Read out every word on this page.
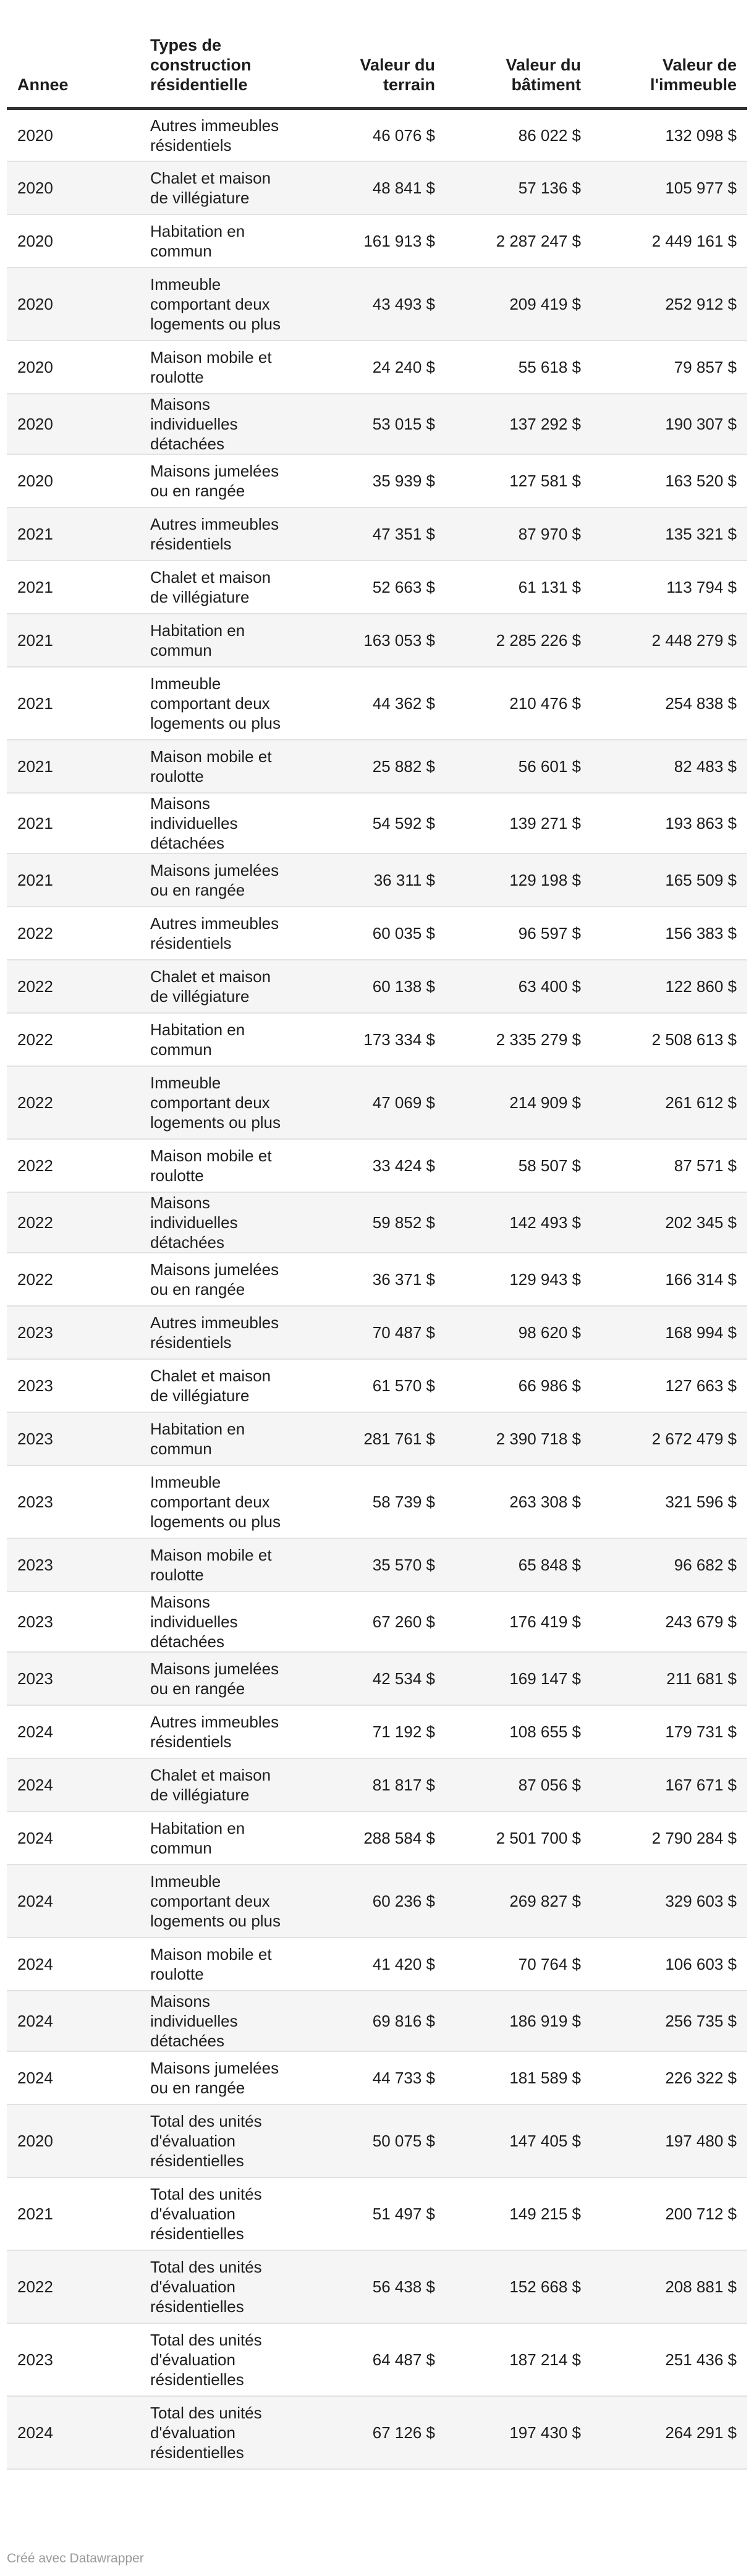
Annee	Types de construction résidentielle	Valeur du terrain	Valeur du bâtiment	Valeur de l'immeuble
2020	Autres immeubles résidentiels	46 076 $	86 022 $	132 098 $
2020	Chalet et maison de villégiature	48 841 $	57 136 $	105 977 $
2020	Habitation en commun	161 913 $	2 287 247 $	2 449 161 $
2020	Immeuble comportant deux logements ou plus	43 493 $	209 419 $	252 912 $
2020	Maison mobile et roulotte	24 240 $	55 618 $	79 857 $
2020	Maisons individuelles détachées	53 015 $	137 292 $	190 307 $
2020	Maisons jumelées ou en rangée	35 939 $	127 581 $	163 520 $
2021	Autres immeubles résidentiels	47 351 $	87 970 $	135 321 $
2021	Chalet et maison de villégiature	52 663 $	61 131 $	113 794 $
2021	Habitation en commun	163 053 $	2 285 226 $	2 448 279 $
2021	Immeuble comportant deux logements ou plus	44 362 $	210 476 $	254 838 $
2021	Maison mobile et roulotte	25 882 $	56 601 $	82 483 $
2021	Maisons individuelles détachées	54 592 $	139 271 $	193 863 $
2021	Maisons jumelées ou en rangée	36 311 $	129 198 $	165 509 $
2022	Autres immeubles résidentiels	60 035 $	96 597 $	156 383 $
2022	Chalet et maison de villégiature	60 138 $	63 400 $	122 860 $
2022	Habitation en commun	173 334 $	2 335 279 $	2 508 613 $
2022	Immeuble comportant deux logements ou plus	47 069 $	214 909 $	261 612 $
2022	Maison mobile et roulotte	33 424 $	58 507 $	87 571 $
2022	Maisons individuelles détachées	59 852 $	142 493 $	202 345 $
2022	Maisons jumelées ou en rangée	36 371 $	129 943 $	166 314 $
2023	Autres immeubles résidentiels	70 487 $	98 620 $	168 994 $
2023	Chalet et maison de villégiature	61 570 $	66 986 $	127 663 $
2023	Habitation en commun	281 761 $	2 390 718 $	2 672 479 $
2023	Immeuble comportant deux logements ou plus	58 739 $	263 308 $	321 596 $
2023	Maison mobile et roulotte	35 570 $	65 848 $	96 682 $
2023	Maisons individuelles détachées	67 260 $	176 419 $	243 679 $
2023	Maisons jumelées ou en rangée	42 534 $	169 147 $	211 681 $
2024	Autres immeubles résidentiels	71 192 $	108 655 $	179 731 $
2024	Chalet et maison de villégiature	81 817 $	87 056 $	167 671 $
2024	Habitation en commun	288 584 $	2 501 700 $	2 790 284 $
2024	Immeuble comportant deux logements ou plus	60 236 $	269 827 $	329 603 $
2024	Maison mobile et roulotte	41 420 $	70 764 $	106 603 $
2024	Maisons individuelles détachées	69 816 $	186 919 $	256 735 $
2024	Maisons jumelées ou en rangée	44 733 $	181 589 $	226 322 $
2020	Total des unités d'évaluation résidentielles	50 075 $	147 405 $	197 480 $
2021	Total des unités d'évaluation résidentielles	51 497 $	149 215 $	200 712 $
2022	Total des unités d'évaluation résidentielles	56 438 $	152 668 $	208 881 $
2023	Total des unités d'évaluation résidentielles	64 487 $	187 214 $	251 436 $
2024	Total des unités d'évaluation résidentielles	67 126 $	197 430 $	264 291 $
Créé avec Datawrapper
